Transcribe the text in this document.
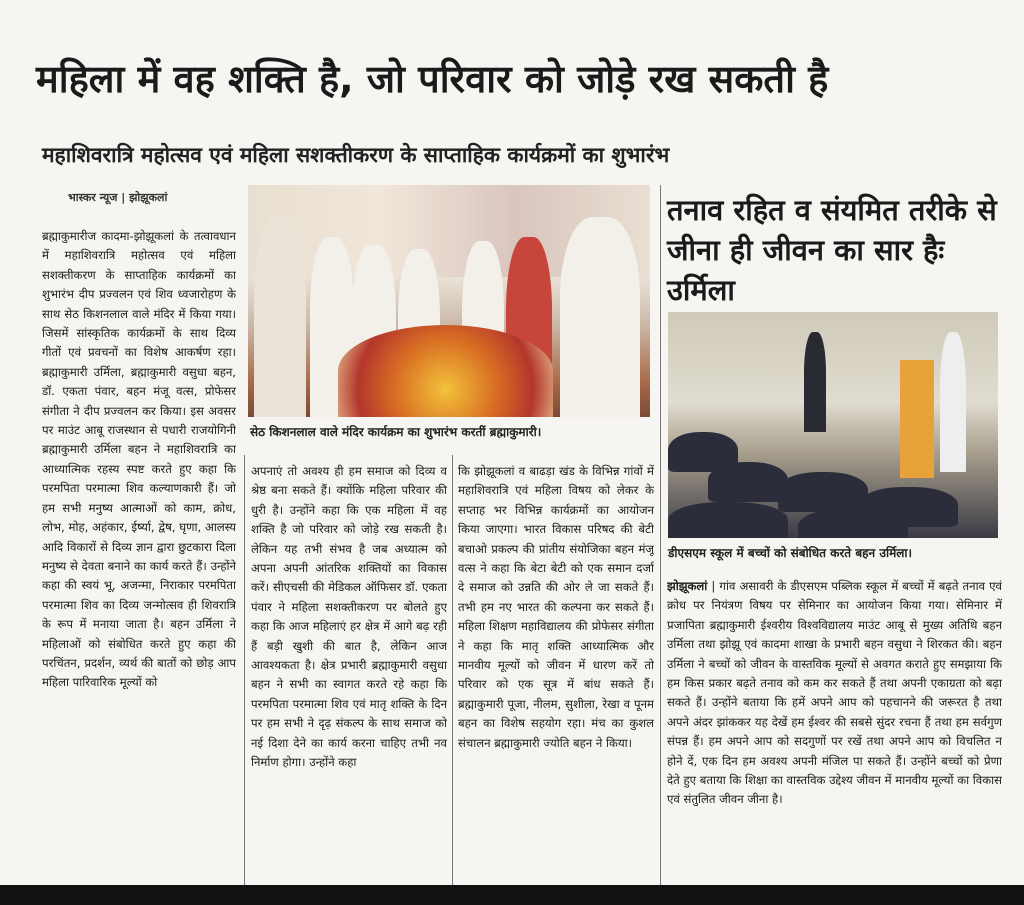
महिला में वह शक्ति है, जो परिवार को जोड़े रख सकती है
महाशिवरात्रि महोत्सव एवं महिला सशक्तीकरण के साप्ताहिक कार्यक्रमों का शुभारंभ
भास्कर न्यूज | झोझूकलां
ब्रह्माकुमारीज कादमा-झोझूकलां के तत्वावधान में महाशिवरात्रि महोत्सव एवं महिला सशक्तीकरण के साप्ताहिक कार्यक्रमों का शुभारंभ दीप प्रज्वलन एवं शिव ध्वजारोहण के साथ सेठ किशनलाल वाले मंदिर में किया गया। जिसमें सांस्कृतिक कार्यक्रमों के साथ दिव्य गीतों एवं प्रवचनों का विशेष आकर्षण रहा। ब्रह्माकुमारी उर्मिला, ब्रह्माकुमारी वसुधा बहन, डॉ. एकता पंवार, बहन मंजू वत्स, प्रोफेसर संगीता ने दीप प्रज्वलन कर किया। इस अवसर पर माउंट आबू राजस्थान से पधारी राजयोगिनी ब्रह्माकुमारी उर्मिला बहन ने महाशिवरात्रि का आध्यात्मिक रहस्य स्पष्ट करते हुए कहा कि परमपिता परमात्मा शिव कल्याणकारी हैं। जो हम सभी मनुष्य आत्माओं को काम, क्रोध, लोभ, मोह, अहंकार, ईर्ष्या, द्वेष, घृणा, आलस्य आदि विकारों से दिव्य ज्ञान द्वारा छुटकारा दिला मनुष्य से देवता बनाने का कार्य करते हैं। उन्होंने कहा की स्वयं भू, अजन्मा, निराकार परमपिता परमात्मा शिव का दिव्य जन्मोत्सव ही शिवरात्रि के रूप में मनाया जाता है। बहन उर्मिला ने महिलाओं को संबोधित करते हुए कहा की परचिंतन, प्रदर्शन, व्यर्थ की बातों को छोड़ आप महिला पारिवारिक मूल्यों को
सेठ किशनलाल वाले मंदिर कार्यक्रम का शुभारंभ करतीं ब्रह्माकुमारी।
अपनाएं तो अवश्य ही हम समाज को दिव्य व श्रेष्ठ बना सकते हैं। क्योंकि महिला परिवार की धुरी है। उन्होंने कहा कि एक महिला में वह शक्ति है जो परिवार को जोड़े रख सकती है। लेकिन यह तभी संभव है जब अध्यात्म को अपना अपनी आंतरिक शक्तियों का विकास करें। सीएचसी की मेडिकल ऑफिसर डॉ. एकता पंवार ने महिला सशक्तीकरण पर बोलते हुए कहा कि आज महिलाएं हर क्षेत्र में आगे बढ़ रही हैं बड़ी खुशी की बात है, लेकिन आज आवश्यकता है। क्षेत्र प्रभारी ब्रह्माकुमारी वसुधा बहन ने सभी का स्वागत करते रहे कहा कि परमपिता परमात्मा शिव एवं मातृ शक्ति के दिन पर हम सभी ने दृढ़ संकल्प के साथ समाज को नई दिशा देने का कार्य करना चाहिए तभी नव निर्माण होगा। उन्होंने कहा
कि झोझूकलां व बाढड़ा खंड के विभिन्न गांवों में महाशिवरात्रि एवं महिला विषय को लेकर के सप्ताह भर विभिन्न कार्यक्रमों का आयोजन किया जाएगा। भारत विकास परिषद की बेटी बचाओ प्रकल्प की प्रांतीय संयोजिका बहन मंजू वत्स ने कहा कि बेटा बेटी को एक समान दर्जा दे समाज को उन्नति की ओर ले जा सकते हैं। तभी हम नए भारत की कल्पना कर सकते हैं। महिला शिक्षण महाविद्यालय की प्रोफेसर संगीता ने कहा कि मातृ शक्ति आध्यात्मिक और मानवीय मूल्यों को जीवन में धारण करें तो परिवार को एक सूत्र में बांध सकते हैं। ब्रह्माकुमारी पूजा, नीलम, सुशीला, रेखा व पूनम बहन का विशेष सहयोग रहा। मंच का कुशल संचालन ब्रह्माकुमारी ज्योति बहन ने किया।
तनाव रहित व संयमित तरीके से जीना ही जीवन का सार हैः उर्मिला
डीएसएम स्कूल में बच्चों को संबोधित करते बहन उर्मिला।
झोझूकलां | गांव असावरी के डीएसएम पब्लिक स्कूल में बच्चों में बढ़ते तनाव एवं क्रोध पर नियंत्रण विषय पर सेमिनार का आयोजन किया गया। सेमिनार में प्रजापिता ब्रह्माकुमारी ईश्वरीय विश्वविद्यालय माउंट आबू से मुख्य अतिथि बहन उर्मिला तथा झोझू एवं कादमा शाखा के प्रभारी बहन वसुधा ने शिरकत की। बहन उर्मिला ने बच्चों को जीवन के वास्तविक मूल्यों से अवगत कराते हुए समझाया कि हम किस प्रकार बढ़ते तनाव को कम कर सकते हैं तथा अपनी एकाग्रता को बढ़ा सकते हैं। उन्होंने बताया कि हमें अपने आप को पहचानने की जरूरत है तथा अपने अंदर झांककर यह देखें हम ईश्वर की सबसे सुंदर रचना हैं तथा हम सर्वगुण संपन्न हैं। हम अपने आप को सदगुणों पर रखें तथा अपने आप को विचलित न होने दें, एक दिन हम अवश्य अपनी मंजिल पा सकते हैं। उन्होंने बच्चों को प्रेणा देते हुए बताया कि शिक्षा का वास्तविक उद्देश्य जीवन में मानवीय मूल्यों का विकास एवं संतुलित जीवन जीना है।
